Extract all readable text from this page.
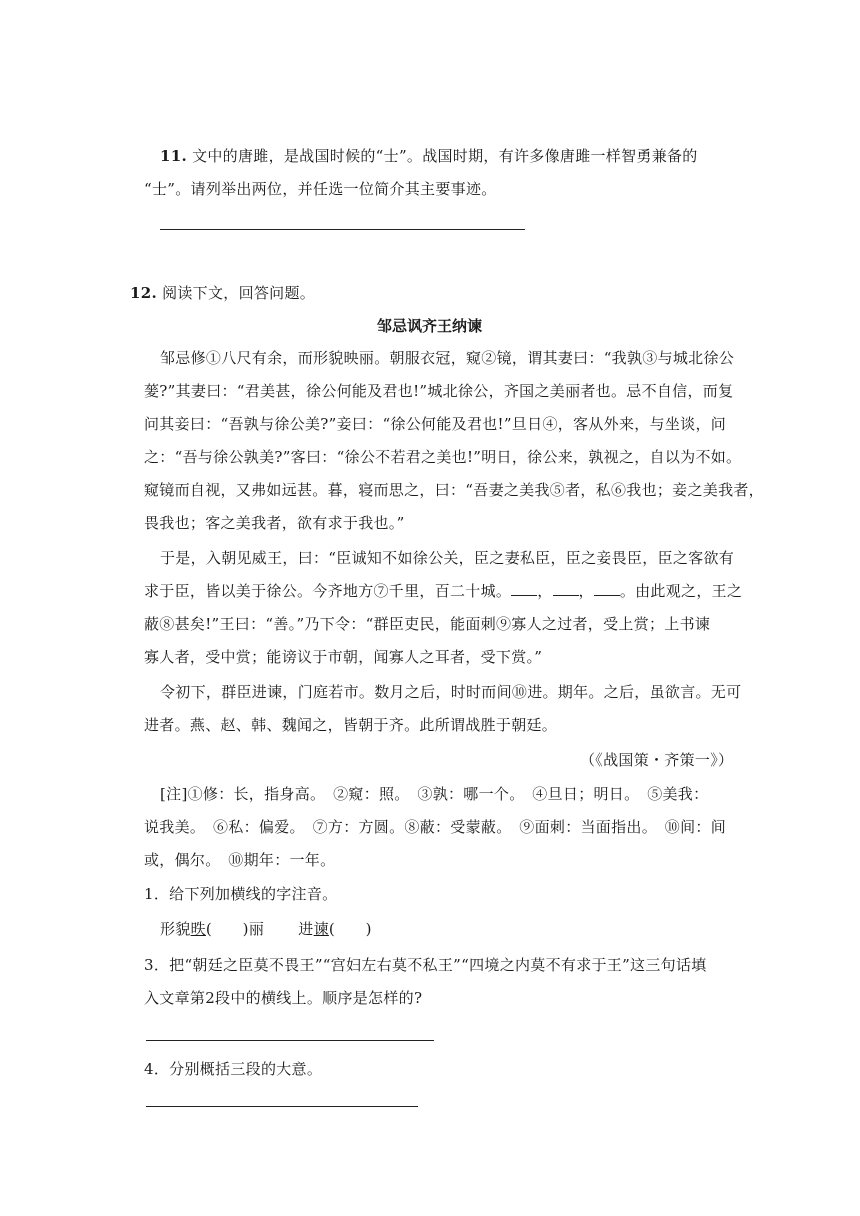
11. 文中的唐雎，是战国时候的“士”。战国时期，有许多像唐雎一样智勇兼备的
“士”。请列举出两位，并任选一位简介其主要事迹。
12. 阅读下文，回答问题。
邹忌讽齐王纳谏
邹忌修①八尺有余，而形貌映丽。朝服衣冠，窥②镜，谓其妻曰：“我孰③与城北徐公
蓌?”其妻曰：“君美甚，徐公何能及君也!”城北徐公，齐国之美丽者也。忌不自信，而复
问其妾曰：“吾孰与徐公美?”妾曰：“徐公何能及君也!”旦日④，客从外来，与坐谈，问
之：“吾与徐公孰美?”客曰：“徐公不若君之美也!”明日，徐公来，孰视之，自以为不如。
窥镜而自视，又弗如远甚。暮，寝而思之，曰：“吾妻之美我⑤者，私⑥我也；妾之美我者，
畏我也；客之美我者，欲有求于我也。”
于是，入朝见威王，曰：“臣诚知不如徐公关，臣之妻私臣，臣之妾畏臣，臣之客欲有
求于臣，皆以美于徐公。今齐地方⑦千里，百二十城。	， ， 。由此观之，王之
蔽⑧甚矣!”王曰：“善。”乃下令：“群臣吏民，能面刺⑨寡人之过者，受上赏；上书谏
寡人者，受中赏；能谤议于市朝，闻寡人之耳者，受下赏。”
令初下，群臣进谏，门庭若市。数月之后，时时而间⑩进。期年。之后，虽欲言。无可
进者。燕、赵、韩、魏闻之，皆朝于齐。此所谓战胜于朝廷。
（《战国策・齐策一》）
[注]①修：长，指身高。　②窥：照。　③孰：哪一个。　④旦日；明日。　⑤美我：
说我美。　⑥私：偏爱。　⑦方：方圆。⑧蔽：受蒙蔽。　⑨面刺：当面指出。　⑩间：间
或，偶尔。　⑩期年：一年。
1．给下列加横线的字注音。
形貌昳(　　)丽 进谏(　　)
3．把“朝廷之臣莫不畏王”“宫妇左右莫不私王”“四境之内莫不有求于王”这三句话填
入文章第2段中的横线上。顺序是怎样的?
4．分别概括三段的大意。
